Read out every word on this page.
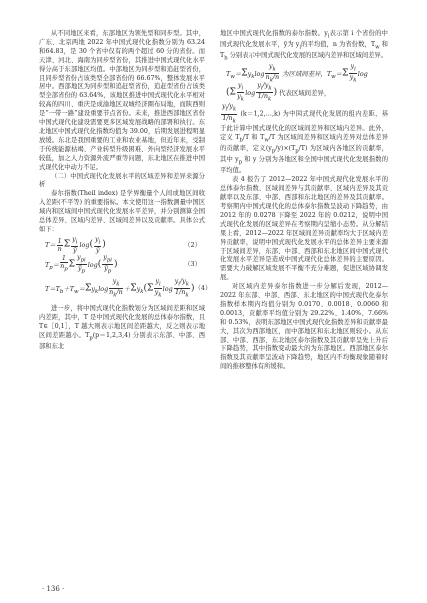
从不同地区来看，东部地区为领先型和同步型。其中，广东、北京两地 2022 年中国式现代化指数分别为 63.24 和64.83，是 30 个省中仅有的两个超过 60 分的省份。而天津、河北、海南为同步型省份，其推进中国式现代化水平得分高于东部地区均值。中部地区为同步型和追赶型省份，且同步型省份占该类型全部省份的 66.67%，整体发展水平居中。西部地区为同步型和追赶型省份，追赶型省份占该类型全部省份的 63.64%，该地区推进中国式现代化水平相对较高的四川、重庆是成渝地区双城经济圈布局地，而陕西则是“一带一路”建设重要节点省份。未来，推进西部地区省份中国式现代化建设需要更多区域发展战略的部署和执行。东北地区中国式现代化指数均值为 39.00，后期发展进程明显放缓。东北是我国重要的工业和农业基地，但近年来，受制于传统能源枯竭、产业转型升级困难、外向型经济发展水平较低，加之人力资源外流严重等问题，东北地区在推进中国式现代化中动力不足。

（二）中国式现代化发展水平的区域差异和差异来源分析

泰尔指数(Theil index) 是学界衡量个人间或地区间收入差距(不平等) 的重要指标。本文使用这一指数测量中国区域内和区域间中国式现代化发展水平差异，并分别测算全国总体差异、区域内差异、区域间差异以及贡献率。具体公式如下：

$T= \frac{1}{n}$ Σ $\frac{y_i}{ȳ} \log( \frac{y_i}{ȳ}$ )	（2）
$T_p= \frac{1}{n_p}$ Σ $\frac{y_{pi}}{ȳ_p} \log( \frac{y_{pi}}{ȳ_p}$ )	（3）
$T=T_b+T_w=\Sigma y_k\log \frac{y_k}{n_k/n} +\Sigma y_k(\Sigma \frac{y_i}{y_k}$ $\log \frac{y_i/y_k}{1/n_k}$ ) （4）

进一步，将中国式现代化指数划分为区域间差距和区域内差距，其中，T 是中国式现代化发展的总体泰尔指数，且 T∈［0,1］，T 越大则表示地区间差距越大，反之则表示地区间差距越小。$T_p(p=1,2,3,4)$ 分别表示东部、中部、西部和东北

地区中国式现代化指数的泰尔指数。$y_i$表示第 i 个省份的中国式现代化发展水平，y为 $y_i$的平均值，n 为省份数，$T_w$ 和 $T_b$ 分别表示中国式现代化发展的区域内差异和区域间差异。

$T_w=\Sigma y_k\log \frac{y_k}{n_k/n}$ 为区域间差异，$T_w=\Sigma \frac{y_i}{y_k}$ log
($\Sigma \frac{y_i}{y_k}$ $\log \frac{y_i/y_k}{1/n_k}$ ) 代表区域间差异，

$\frac{y_i/y_k}{1/n_k}$ (k＝1,2,…,k) 为中国式现代化发展的组内差距，基于此计算中国式现代化的区域间差异和区域内差异。此外，定义 $T_b/T$ 和 $T_w/T$ 为区域间差异和区域内差异对总体差异的贡献率，定义$(y_p/y)\times(T_p/T)$ 为区域内各地区的贡献率，其中 $y_p$ 和 y 分别为各地区和全国中国式现代化发展指数的平均值。

表 4 报告了 2012—2022 年中国式现代化发展水平的总体泰尔指数、区域间差异与其贡献率、区域内差异及其贡献率以及东部、中部、西部和东北地区的差异及其贡献率。考察期内中国式现代化的总体泰尔指数呈波动下降趋势，由 2012 年的 0.0278 下降至 2022 年的 0.0212，说明中国式现代化发展的区域差异在考察期内呈缩小态势。从分解结果上看，2012—2022 年区域间差异贡献率均大于区域内差异贡献率，说明中国式现代化发展水平的总体差异主要来源于区域间差异，东部、中部、西部和东北地区间中国式现代化发展水平差异是造成中国式现代化总体差异的主要原因。需要大力破解区域发展不平衡不充分难题，促进区域协调发展。

对区域内差异泰尔指数进一步分解后发现，2012—2022 年东部、中部、西部、东北地区的中国式现代化泰尔指数样本期内均值分别为 0.0170、0.0018、0.0060 和 0.0013，贡献率平均值分别为 29.22%、1.40%、7.66% 和 0.53%，表明东部地区中国式现代化指数差异和贡献率最大，其次为西部地区，而中部地区和东北地区则较小。从东部、中部、西部、东北地区泰尔指数及其贡献率呈先上升后下降趋势，其中指数变动最大的为东部地区。西部地区泰尔指数及其贡献率呈波动下降趋势，地区内不均衡现象随着时间的推移整体有所缓和。

· 136 ·
